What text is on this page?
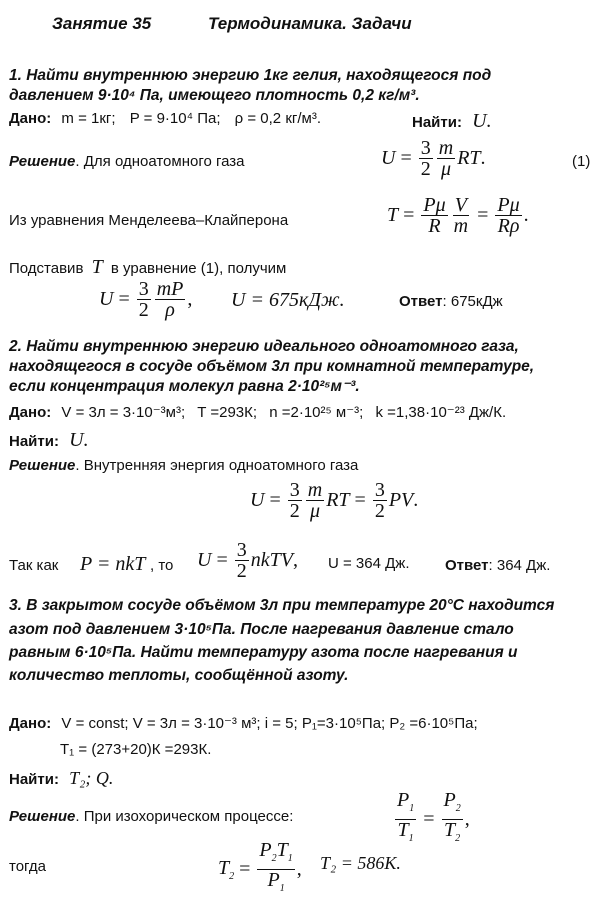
Занятие 35	Термодинамика. Задачи
1. Найти внутреннюю энергию 1кг гелия, находящегося под
давлением 9·10⁴ Па, имеющего плотность 0,2 кг/м³.
Дано: m = 1кг; P = 9·10⁴ Па; ρ = 0,2 кг/м³.	Найти: U.
Решение. Для одноатомного газа	$U = \frac{3}{2} \frac{m}{\mu}$ RT .	(1)
Из уравнения Менделеева–Клайперона	$T = \frac{P\mu}{R} \frac{V}{m} = \frac{P\mu}{R\rho}$ .
Подставив T в уравнение (1), получим
$U = \frac{3}{2} \frac{mP}{\rho}$ , U = 675кДж.	Ответ: 675кДж
2. Найти внутреннюю энергию идеального одноатомного газа,
находящегося в сосуде объёмом 3л при комнатной температуре,
если концентрация молекул равна 2·10²⁵м⁻³.
Дано: V = 3л = 3·10⁻³м³; T =293К; n =2·10²⁵ м⁻³; k =1,38·10⁻²³ Дж/К.
Найти: U.
Решение. Внутренняя энергия одноатомного газа
$U = \frac{3}{2} \frac{m}{\mu}$ RT = $\frac{3}{2}$ PV .
Так как P = nkT , то $U = \frac{3}{2}$ nkTV , U = 364 Дж. Ответ: 364 Дж.
3. В закрытом сосуде объёмом 3л при температуре 20°C находится
азот под давлением 3·10⁵Па. После нагревания давление стало
равным 6·10⁵Па. Найти температуру азота после нагревания и
количество теплоты, сообщённой азоту.
Дано: V = const; V = 3л = 3·10⁻³ м³; i = 5; P₁=3·10⁵Па; P₂ =6·10⁵Па;
T₁ = (273+20)К =293К.
Найти: T₂; Q.
Решение. При изохорическом процессе:	$\frac{P_1}{T_1} = \frac{P_2}{T_2}$ ,
тогда	$T_2 = \frac{P_2T_1}{P_1}$ , T₂ = 586К.
